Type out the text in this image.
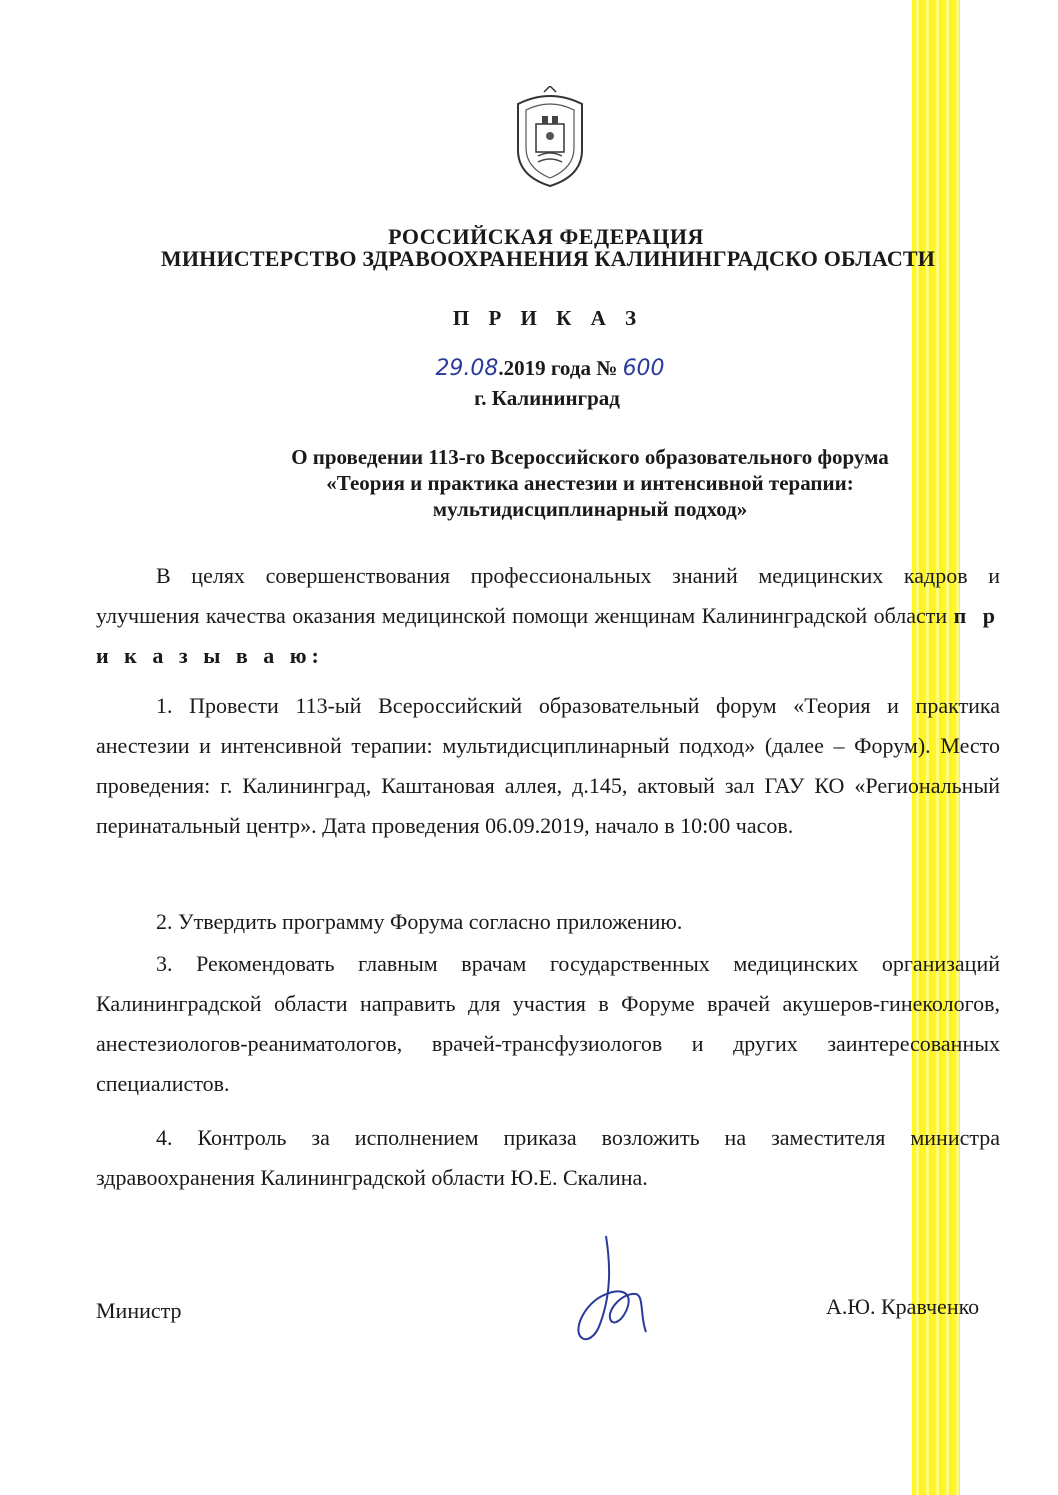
РОССИЙСКАЯ ФЕДЕРАЦИЯ
МИНИСТЕРСТВО ЗДРАВООХРАНЕНИЯ КАЛИНИНГРАДСКО ОБЛАСТИ
П Р И К А З
29.08.2019 года № 600
г. Калининград
О проведении 113-го Всероссийского образовательного форума
«Теория и практика анестезии и интенсивной терапии:
мультидисциплинарный подход»

В целях совершенствования профессиональных знаний медицинских кадров и улучшения качества оказания медицинской помощи женщинам Калининградской области п р и к а з ы в а ю:

1. Провести 113-ый Всероссийский образовательный форум «Теория и практика анестезии и интенсивной терапии: мультидисциплинарный подход» (далее – Форум). Место проведения: г. Калининград, Каштановая аллея, д.145, актовый зал ГАУ КО «Региональный перинатальный центр». Дата проведения 06.09.2019, начало в 10:00 часов.

2. Утвердить программу Форума согласно приложению.

3. Рекомендовать главным врачам государственных медицинских организаций Калининградской области направить для участия в Форуме врачей акушеров-гинекологов, анестезиологов-реаниматологов, врачей-трансфузиологов и других заинтересованных специалистов.

4. Контроль за исполнением приказа возложить на заместителя министра здравоохранения Калининградской области Ю.Е. Скалина.

Министр	А.Ю. Кравченко
